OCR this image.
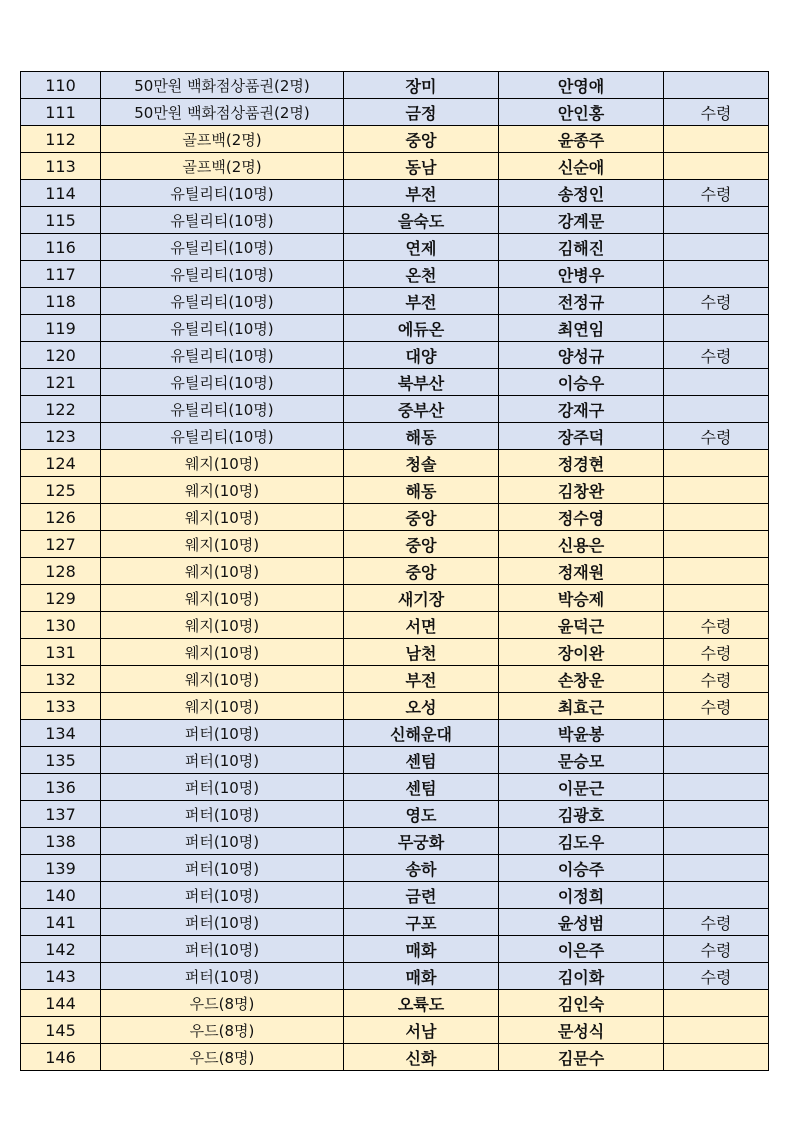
110	50만원 백화점상품권(2명)	장미	안영애	
111	50만원 백화점상품권(2명)	금정	안인홍	수령
112	골프백(2명)	중앙	윤종주	
113	골프백(2명)	동남	신순애	
114	유틸리티(10명)	부전	송정인	수령
115	유틸리티(10명)	을숙도	강계문	
116	유틸리티(10명)	연제	김해진	
117	유틸리티(10명)	온천	안병우	
118	유틸리티(10명)	부전	전정규	수령
119	유틸리티(10명)	에듀온	최연임	
120	유틸리티(10명)	대양	양성규	수령
121	유틸리티(10명)	북부산	이승우	
122	유틸리티(10명)	중부산	강재구	
123	유틸리티(10명)	해동	장주덕	수령
124	웨지(10명)	청솔	정경현	
125	웨지(10명)	해동	김창완	
126	웨지(10명)	중앙	정수영	
127	웨지(10명)	중앙	신용은	
128	웨지(10명)	중앙	정재원	
129	웨지(10명)	새기장	박승제	
130	웨지(10명)	서면	윤덕근	수령
131	웨지(10명)	남천	장이완	수령
132	웨지(10명)	부전	손창운	수령
133	웨지(10명)	오성	최효근	수령
134	퍼터(10명)	신해운대	박윤봉	
135	퍼터(10명)	센텀	문승모	
136	퍼터(10명)	센텀	이문근	
137	퍼터(10명)	영도	김광호	
138	퍼터(10명)	무궁화	김도우	
139	퍼터(10명)	송하	이승주	
140	퍼터(10명)	금련	이정희	
141	퍼터(10명)	구포	윤성범	수령
142	퍼터(10명)	매화	이은주	수령
143	퍼터(10명)	매화	김이화	수령
144	우드(8명)	오륙도	김인숙	
145	우드(8명)	서남	문성식	
146	우드(8명)	신화	김문수	
